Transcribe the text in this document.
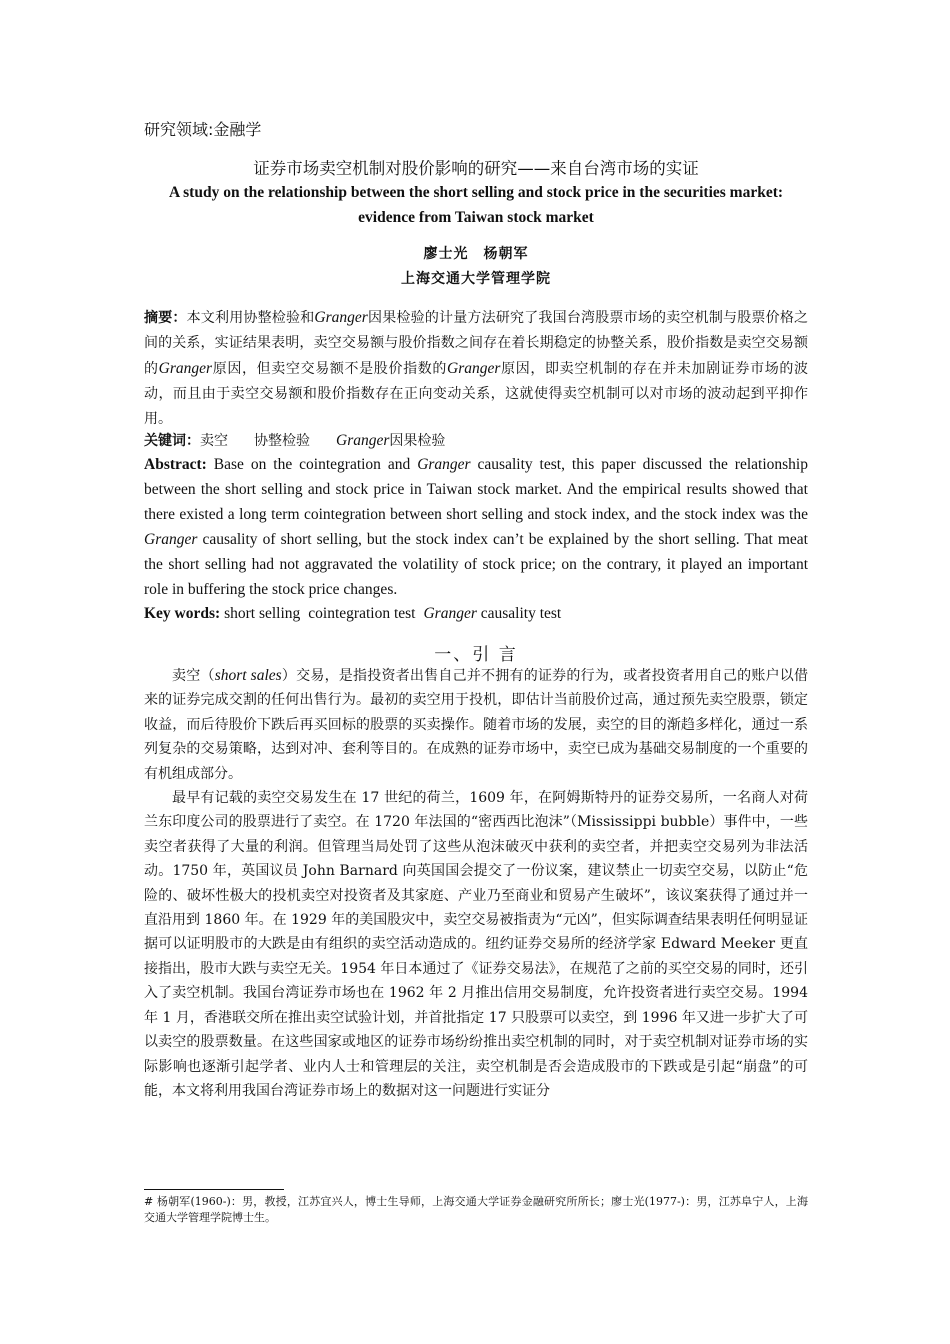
研究领域:金融学
证券市场卖空机制对股价影响的研究——来自台湾市场的实证
A study on the relationship between the short selling and stock price in the securities market: evidence from Taiwan stock market
廖士光　杨朝军
上海交通大学管理学院
摘要：本文利用协整检验和Granger因果检验的计量方法研究了我国台湾股票市场的卖空机制与股票价格之间的关系，实证结果表明，卖空交易额与股价指数之间存在着长期稳定的协整关系，股价指数是卖空交易额的Granger原因，但卖空交易额不是股价指数的Granger原因，即卖空机制的存在并未加剧证券市场的波动，而且由于卖空交易额和股价指数存在正向变动关系，这就使得卖空机制可以对市场的波动起到平抑作用。
关键词：卖空 协整检验 Granger因果检验
Abstract: Base on the cointegration and Granger causality test, this paper discussed the relationship between the short selling and stock price in Taiwan stock market. And the empirical results showed that there existed a long term cointegration between short selling and stock index, and the stock index was the Granger causality of short selling, but the stock index can’t be explained by the short selling. That meat the short selling had not aggravated the volatility of stock price; on the contrary, it played an important role in buffering the stock price changes.
Key words: short selling cointegration test Granger causality test
一、引 言

卖空（short sales）交易，是指投资者出售自己并不拥有的证券的行为，或者投资者用自己的账户以借来的证券完成交割的任何出售行为。最初的卖空用于投机，即估计当前股价过高，通过预先卖空股票，锁定收益，而后待股价下跌后再买回标的股票的买卖操作。随着市场的发展，卖空的目的渐趋多样化，通过一系列复杂的交易策略，达到对冲、套利等目的。在成熟的证券市场中，卖空已成为基础交易制度的一个重要的有机组成部分。

最早有记载的卖空交易发生在 17 世纪的荷兰，1609 年，在阿姆斯特丹的证券交易所，一名商人对荷兰东印度公司的股票进行了卖空。在 1720 年法国的“密西西比泡沫”（Mississippi bubble）事件中，一些卖空者获得了大量的利润。但管理当局处罚了这些从泡沫破灭中获利的卖空者，并把卖空交易列为非法活动。1750 年，英国议员 John Barnard 向英国国会提交了一份议案，建议禁止一切卖空交易，以防止“危险的、破坏性极大的投机卖空对投资者及其家庭、产业乃至商业和贸易产生破坏”，该议案获得了通过并一直沿用到 1860 年。在 1929 年的美国股灾中，卖空交易被指责为“元凶”，但实际调查结果表明任何明显证据可以证明股市的大跌是由有组织的卖空活动造成的。纽约证券交易所的经济学家 Edward Meeker 更直接指出，股市大跌与卖空无关。1954 年日本通过了《证券交易法》，在规范了之前的买空交易的同时，还引入了卖空机制。我国台湾证券市场也在 1962 年 2 月推出信用交易制度，允许投资者进行卖空交易。1994 年 1 月，香港联交所在推出卖空试验计划，并首批指定 17 只股票可以卖空，到 1996 年又进一步扩大了可以卖空的股票数量。在这些国家或地区的证券市场纷纷推出卖空机制的同时，对于卖空机制对证券市场的实际影响也逐渐引起学者、业内人士和管理层的关注，卖空机制是否会造成股市的下跌或是引起“崩盘”的可能，本文将利用我国台湾证券市场上的数据对这一问题进行实证分

# 杨朝军(1960-)：男，教授，江苏宜兴人，博士生导师，上海交通大学证券金融研究所所长；廖士光(1977-)：男，江苏阜宁人，上海交通大学管理学院博士生。
